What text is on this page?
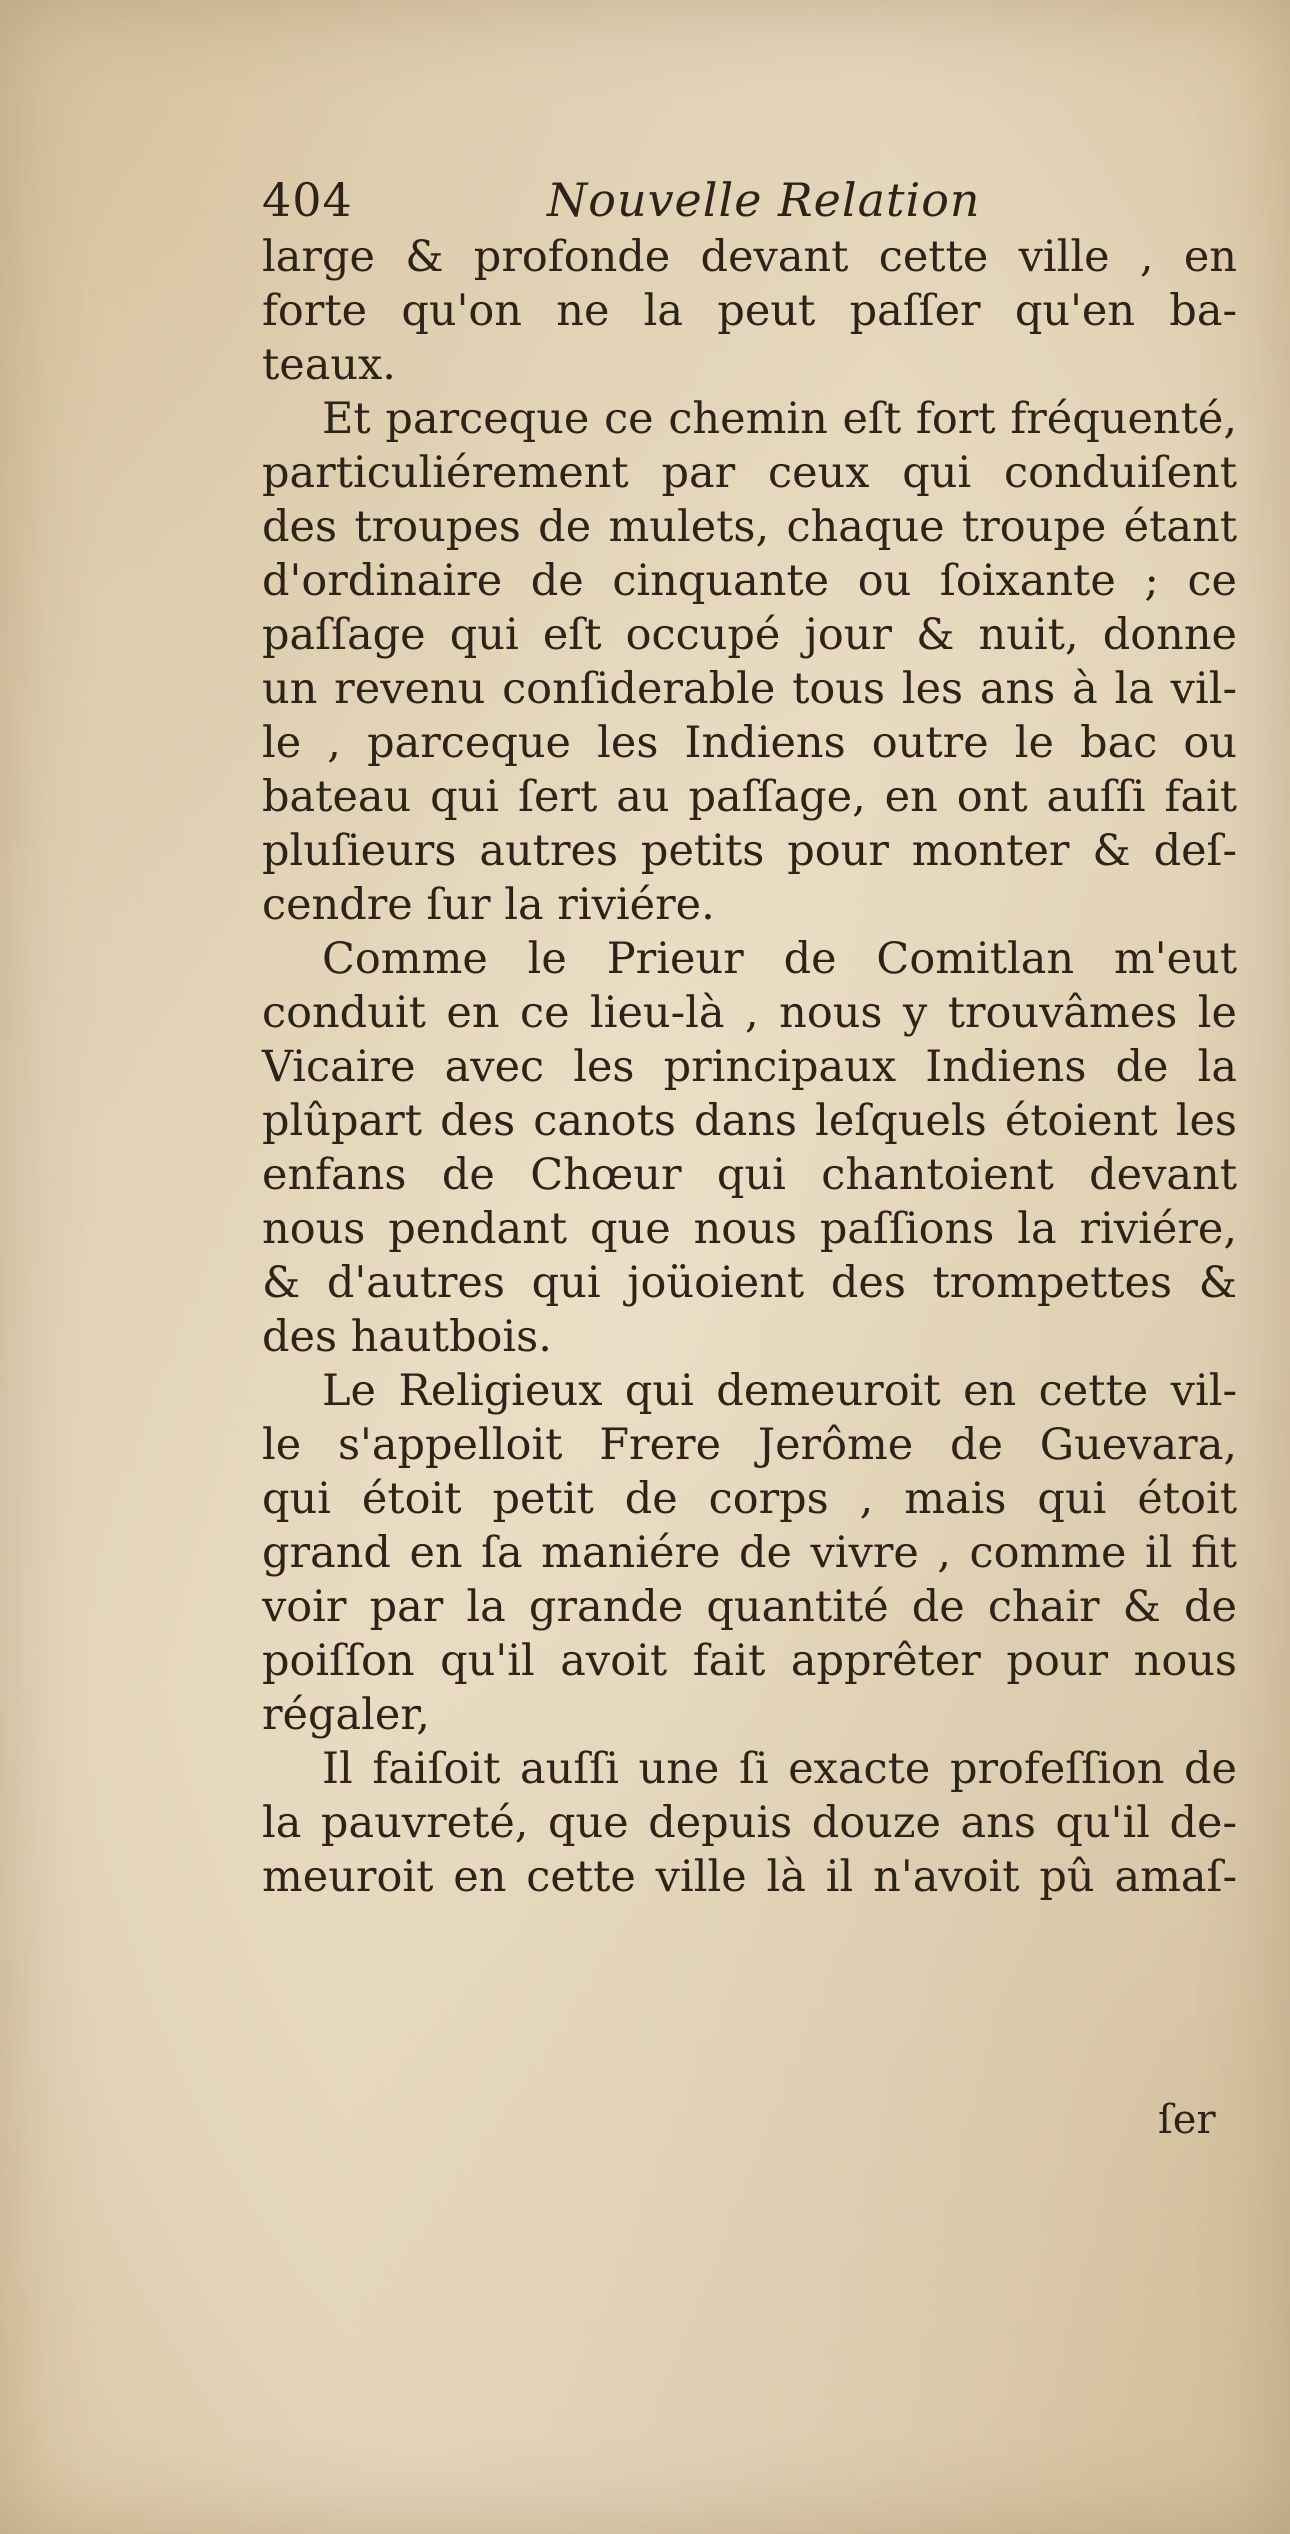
404	Nouvelle Relation
large & profonde devant cette ville , en
forte qu'on ne la peut paſſer qu'en ba-
teaux.
Et parceque ce chemin eſt fort fréquenté,
particuliérement par ceux qui conduiſent
des troupes de mulets, chaque troupe étant
d'ordinaire de cinquante ou ſoixante ; ce
paſſage qui eſt occupé jour & nuit, donne
un revenu conſiderable tous les ans à la vil-
le , parceque les Indiens outre le bac ou
bateau qui ſert au paſſage, en ont auſſi fait
pluſieurs autres petits pour monter & deſ-
cendre ſur la riviére.
Comme le Prieur de Comitlan m'eut
conduit en ce lieu-là , nous y trouvâmes le
Vicaire avec les principaux Indiens de la
plûpart des canots dans leſquels étoient les
enfans de Chœur qui chantoient devant
nous pendant que nous paſſions la riviére,
& d'autres qui joüoient des trompettes &
des hautbois.
Le Religieux qui demeuroit en cette vil-
le s'appelloit Frere Jerôme de Guevara,
qui étoit petit de corps , mais qui étoit
grand en ſa maniére de vivre , comme il fit
voir par la grande quantité de chair & de
poiſſon qu'il avoit fait apprêter pour nous
régaler,
Il faiſoit auſſi une ſi exacte profeſſion de
la pauvreté, que depuis douze ans qu'il de-
meuroit en cette ville là il n'avoit pû amaſ-
ſer
